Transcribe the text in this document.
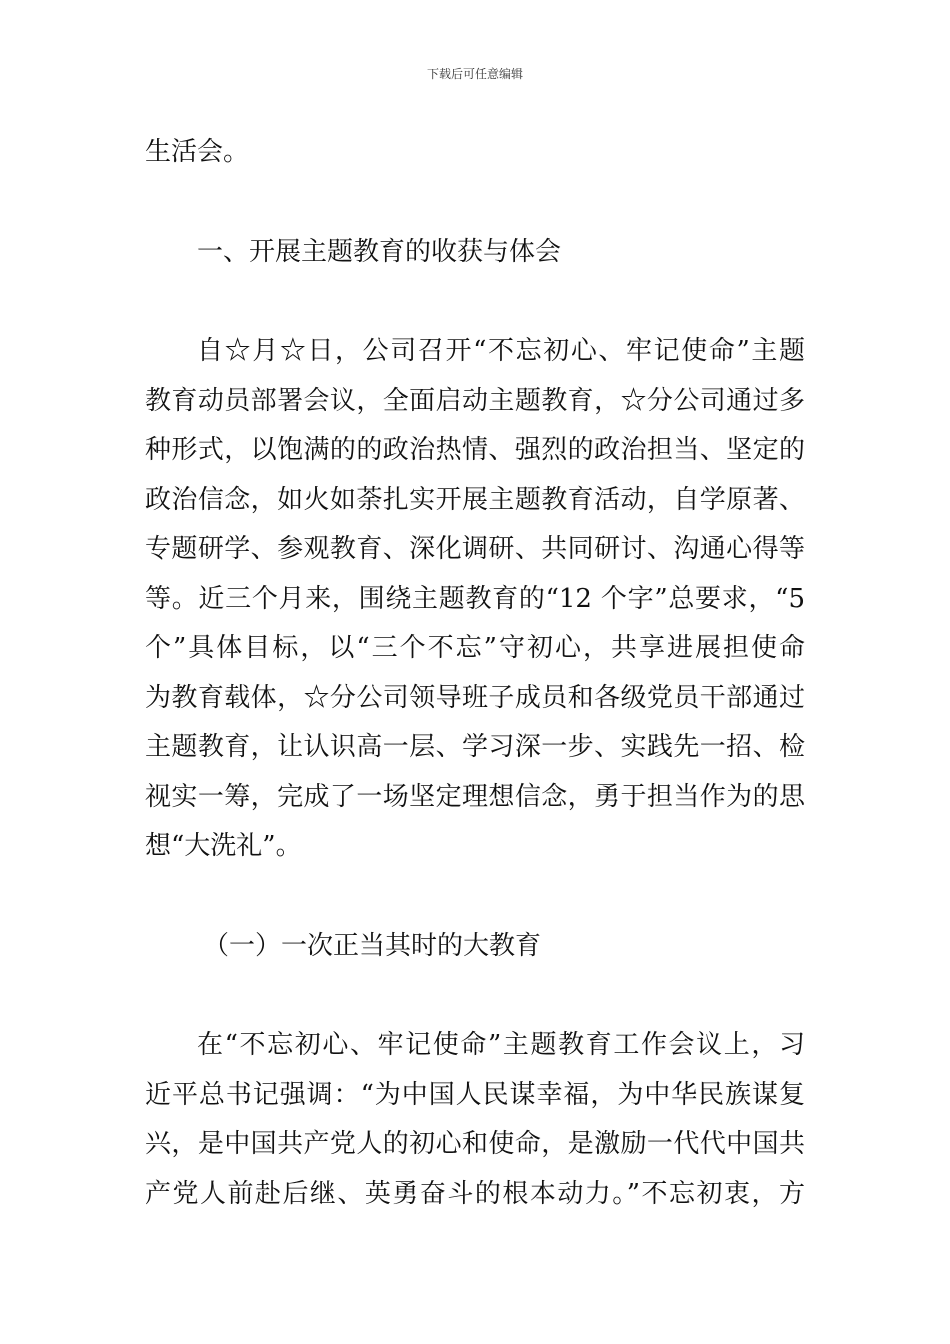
下载后可任意编辑
生活会。
一、开展主题教育的收获与体会
自☆月☆日，公司召开“不忘初心、牢记使命”主题
教育动员部署会议，全面启动主题教育，☆分公司通过多
种形式，以饱满的的政治热情、强烈的政治担当、坚定的
政治信念，如火如荼扎实开展主题教育活动，自学原著、
专题研学、参观教育、深化调研、共同研讨、沟通心得等
等。近三个月来，围绕主题教育的“12 个字”总要求，“5
个”具体目标，以“三个不忘”守初心，共享进展担使命
为教育载体，☆分公司领导班子成员和各级党员干部通过
主题教育，让认识高一层、学习深一步、实践先一招、检
视实一筹，完成了一场坚定理想信念，勇于担当作为的思
想“大洗礼”。
（一）一次正当其时的大教育
在“不忘初心、牢记使命”主题教育工作会议上，习
近平总书记强调：“为中国人民谋幸福，为中华民族谋复
兴，是中国共产党人的初心和使命，是激励一代代中国共
产党人前赴后继、英勇奋斗的根本动力。”不忘初衷，方
